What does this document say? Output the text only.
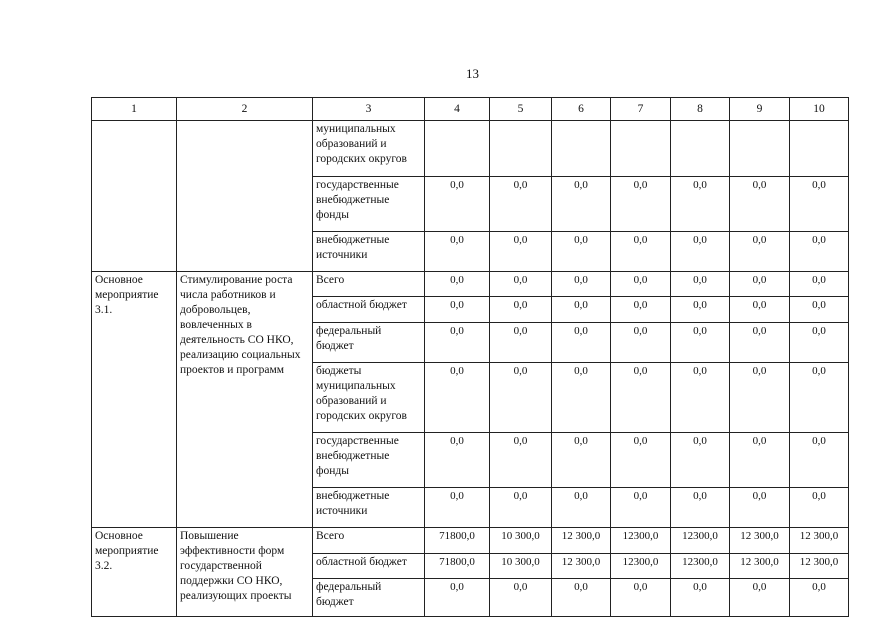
13
1	2	3	4	5	6	7	8	9	10
		муниципальных образований и городских округов							
		государственные внебюджетные фонды	0,0	0,0	0,0	0,0	0,0	0,0	0,0
		внебюджетные источники	0,0	0,0	0,0	0,0	0,0	0,0	0,0
Основное мероприятие 3.1.	Стимулирование роста числа работников и добровольцев, вовлеченных в деятельность СО НКО, реализацию социальных проектов и программ	Всего	0,0	0,0	0,0	0,0	0,0	0,0	0,0
		областной бюджет	0,0	0,0	0,0	0,0	0,0	0,0	0,0
		федеральный бюджет	0,0	0,0	0,0	0,0	0,0	0,0	0,0
		бюджеты муниципальных образований и городских округов	0,0	0,0	0,0	0,0	0,0	0,0	0,0
		государственные внебюджетные фонды	0,0	0,0	0,0	0,0	0,0	0,0	0,0
		внебюджетные источники	0,0	0,0	0,0	0,0	0,0	0,0	0,0
Основное мероприятие 3.2.	Повышение эффективности форм государственной поддержки СО НКО, реализующих проекты	Всего	71800,0	10 300,0	12 300,0	12300,0	12300,0	12 300,0	12 300,0
		областной бюджет	71800,0	10 300,0	12 300,0	12300,0	12300,0	12 300,0	12 300,0
		федеральный бюджет	0,0	0,0	0,0	0,0	0,0	0,0	0,0
